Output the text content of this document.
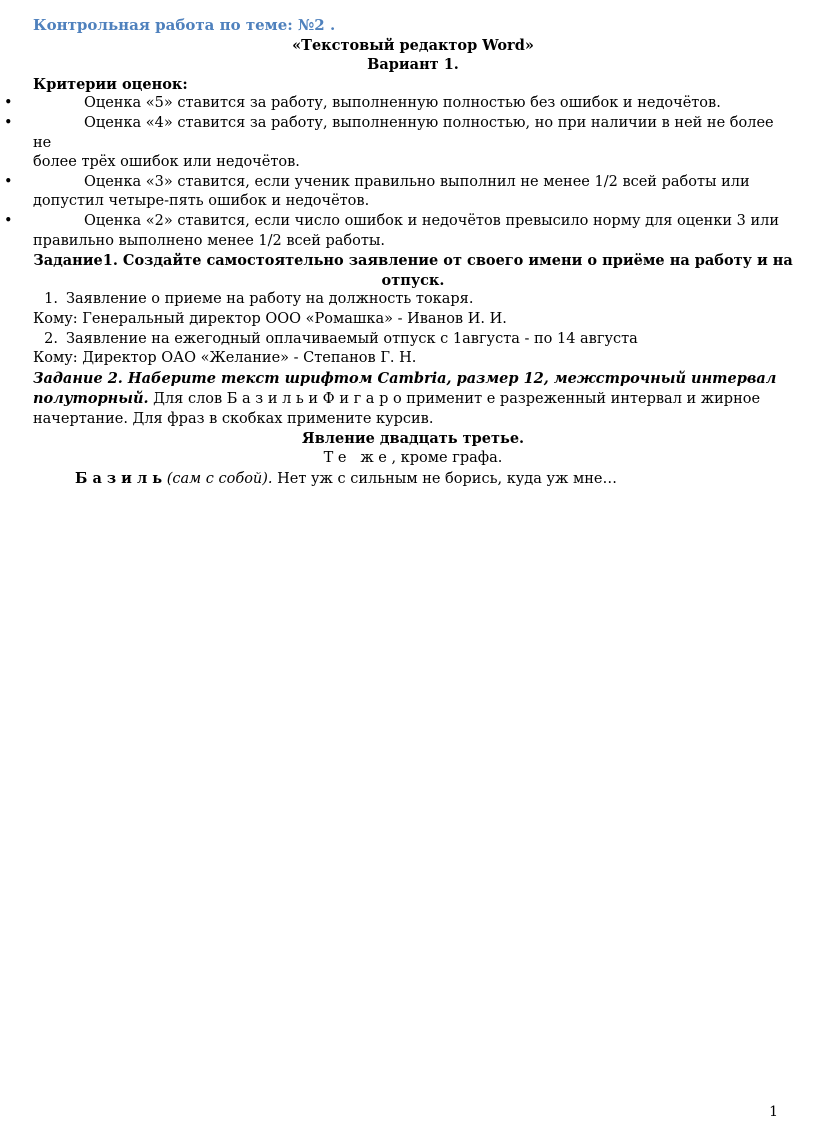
Контрольная работа по теме: №2 .
«Текстовый редактор Word»
Вариант 1.
Критерии оценок:
•	Оценка «5» ставится за работу, выполненную полностью без ошибок и недочётов.
•	Оценка «4» ставится за работу, выполненную полностью, но при наличии в ней не более не
более трёх ошибок или недочётов.
•	Оценка «3» ставится, если ученик правильно выполнил не менее 1/2 всей работы или
допустил четыре-пять ошибок и недочётов.
•	Оценка «2» ставится, если число ошибок и недочётов превысило норму для оценки 3 или
правильно выполнено менее 1/2 всей работы.
Задание1. Создайте самостоятельно заявление от своего имени о приёме на работу и на
отпуск.
1. Заявление о приеме на работу на должность токаря.
Кому: Генеральный директор ООО «Ромашка» - Иванов И. И.
2. Заявление на ежегодный оплачиваемый отпуск с 1августа - по 14 августа
Кому: Директор ОАО «Желание» - Степанов Г. Н.
Задание 2. Наберите текст шрифтом Cambria, размер 12, межстрочный интервал
полуторный. Для слов Б а з и л ь и Ф и г а р о применит е разреженный интервал и жирное
начертание. Для фраз в скобках примените курсив.
Явление двадцать третье.
Т е   ж е , кроме графа.
Б а з и л ь (сам с собой). Нет уж с сильным не борись, куда уж мне…
1
